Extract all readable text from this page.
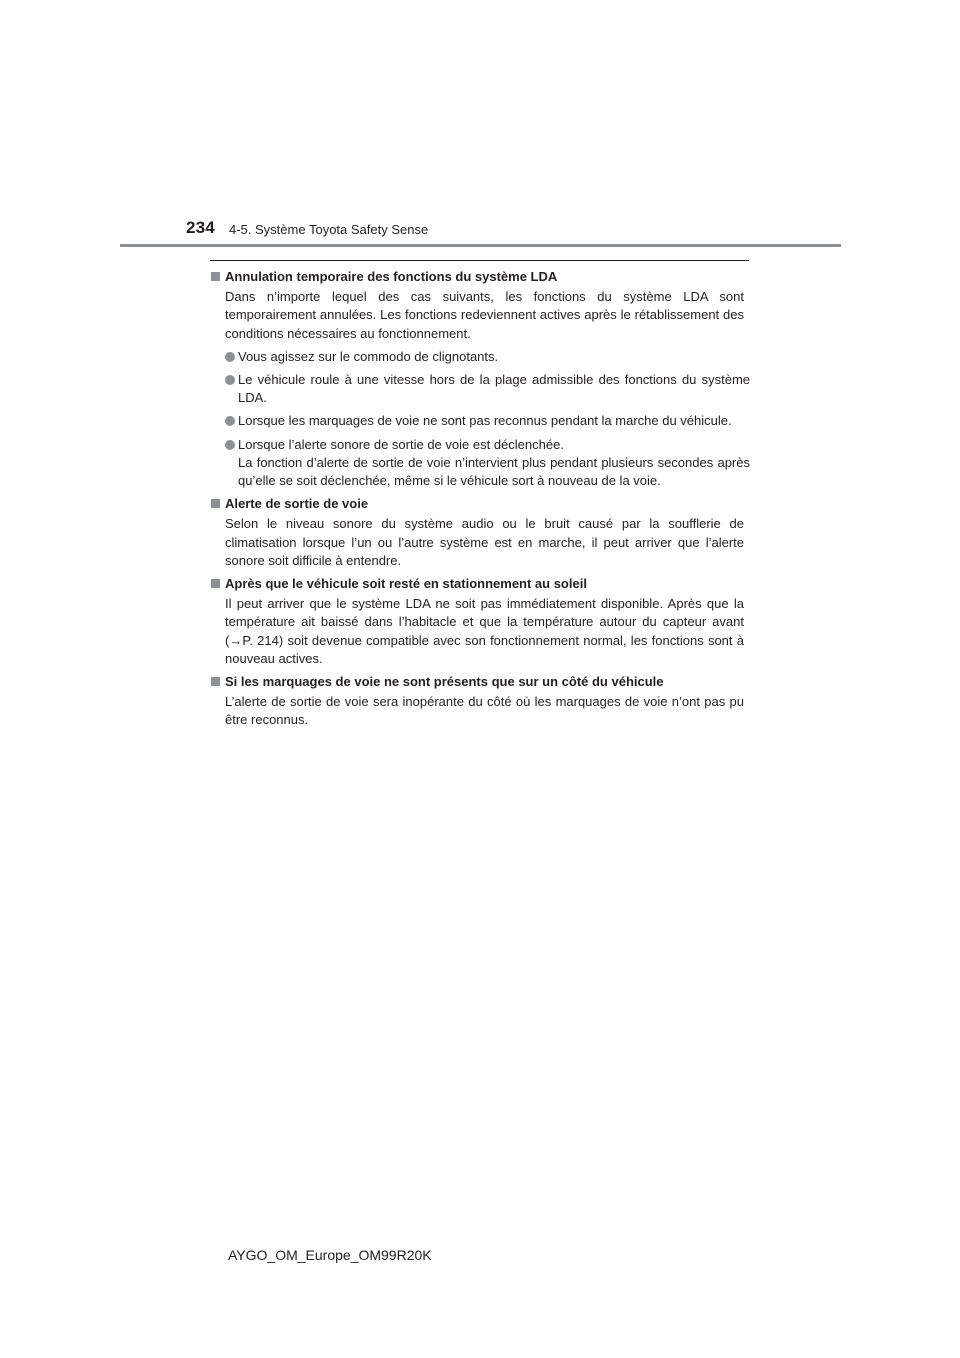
234 4-5. Système Toyota Safety Sense

Annulation temporaire des fonctions du système LDA

Dans n’importe lequel des cas suivants, les fonctions du système LDA sont temporairement annulées. Les fonctions redeviennent actives après le rétablissement des conditions nécessaires au fonctionnement.

Vous agissez sur le commodo de clignotants.

Le véhicule roule à une vitesse hors de la plage admissible des fonctions du système LDA.

Lorsque les marquages de voie ne sont pas reconnus pendant la marche du véhicule.

Lorsque l’alerte sonore de sortie de voie est déclenchée.
La fonction d’alerte de sortie de voie n’intervient plus pendant plusieurs secondes après qu’elle se soit déclenchée, même si le véhicule sort à nouveau de la voie.

Alerte de sortie de voie

Selon le niveau sonore du système audio ou le bruit causé par la soufflerie de climatisation lorsque l’un ou l’autre système est en marche, il peut arriver que l’alerte sonore soit difficile à entendre.

Après que le véhicule soit resté en stationnement au soleil

Il peut arriver que le système LDA ne soit pas immédiatement disponible. Après que la température ait baissé dans l’habitacle et que la température autour du capteur avant (→P. 214) soit devenue compatible avec son fonctionnement normal, les fonctions sont à nouveau actives.

Si les marquages de voie ne sont présents que sur un côté du véhicule

L’alerte de sortie de voie sera inopérante du côté où les marquages de voie n’ont pas pu être reconnus.

AYGO_OM_Europe_OM99R20K
